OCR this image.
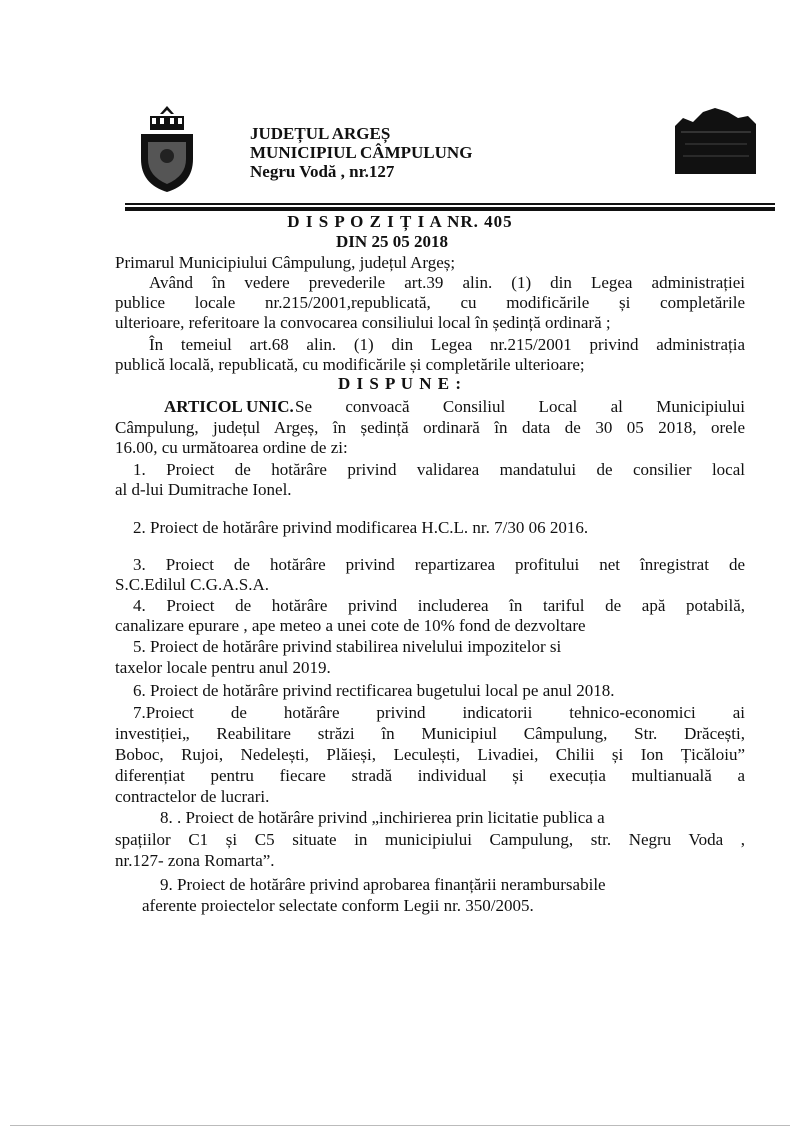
JUDEȚUL ARGEȘ
MUNICIPIUL CÂMPULUNG
Negru Vodă , nr.127
D I S P O Z I Ț I A NR. 405
DIN 25 05 2018
Primarul Municipiului Câmpulung, județul Argeș;
Având în vedere prevederile art.39 alin. (1) din Legea administrației
publice locale nr.215/2001,republicată, cu modificările și completările
ulterioare, referitoare la convocarea consiliului local în ședință ordinară ;
În temeiul art.68 alin. (1) din Legea nr.215/2001 privind administrația
publică locală, republicată, cu modificările și completările ulterioare;
D I S P U N E :
ARTICOL UNIC. Se convoacă Consiliul Local al Municipiului
Câmpulung, județul Argeș, în ședință ordinară în data de 30 05 2018, orele
16.00, cu următoarea ordine de zi:
1. Proiect de hotărâre privind validarea mandatului de consilier local
al d-lui Dumitrache Ionel.
2. Proiect de hotărâre privind modificarea H.C.L. nr. 7/30 06 2016.
3. Proiect de hotărâre privind repartizarea profitului net înregistrat de
S.C.Edilul C.G.A.S.A.
4. Proiect de hotărâre privind includerea în tariful de apă potabilă,
canalizare epurare , ape meteo a unei cote de 10% fond de dezvoltare
5. Proiect de hotărâre privind stabilirea nivelului impozitelor si
taxelor locale pentru anul 2019.
6. Proiect de hotărâre privind rectificarea bugetului local pe anul 2018.
7.Proiect de hotărâre privind indicatorii tehnico-economici ai
investiției„ Reabilitare străzi în Municipiul Câmpulung, Str. Drăcești,
Boboc, Rujoi, Nedelești, Plăieși, Leculești, Livadiei, Chilii și Ion Țicăloiu”
diferențiat pentru fiecare stradă individual și execuția multianuală a
contractelor de lucrari.
8. . Proiect de hotărâre privind „inchirierea prin licitatie publica a
spațiilor C1 și C5 situate in municipiului Campulung, str. Negru Voda ,
nr.127- zona Romarta”.
9. Proiect de hotărâre privind aprobarea finanțării nerambursabile
aferente proiectelor selectate conform Legii nr. 350/2005.
